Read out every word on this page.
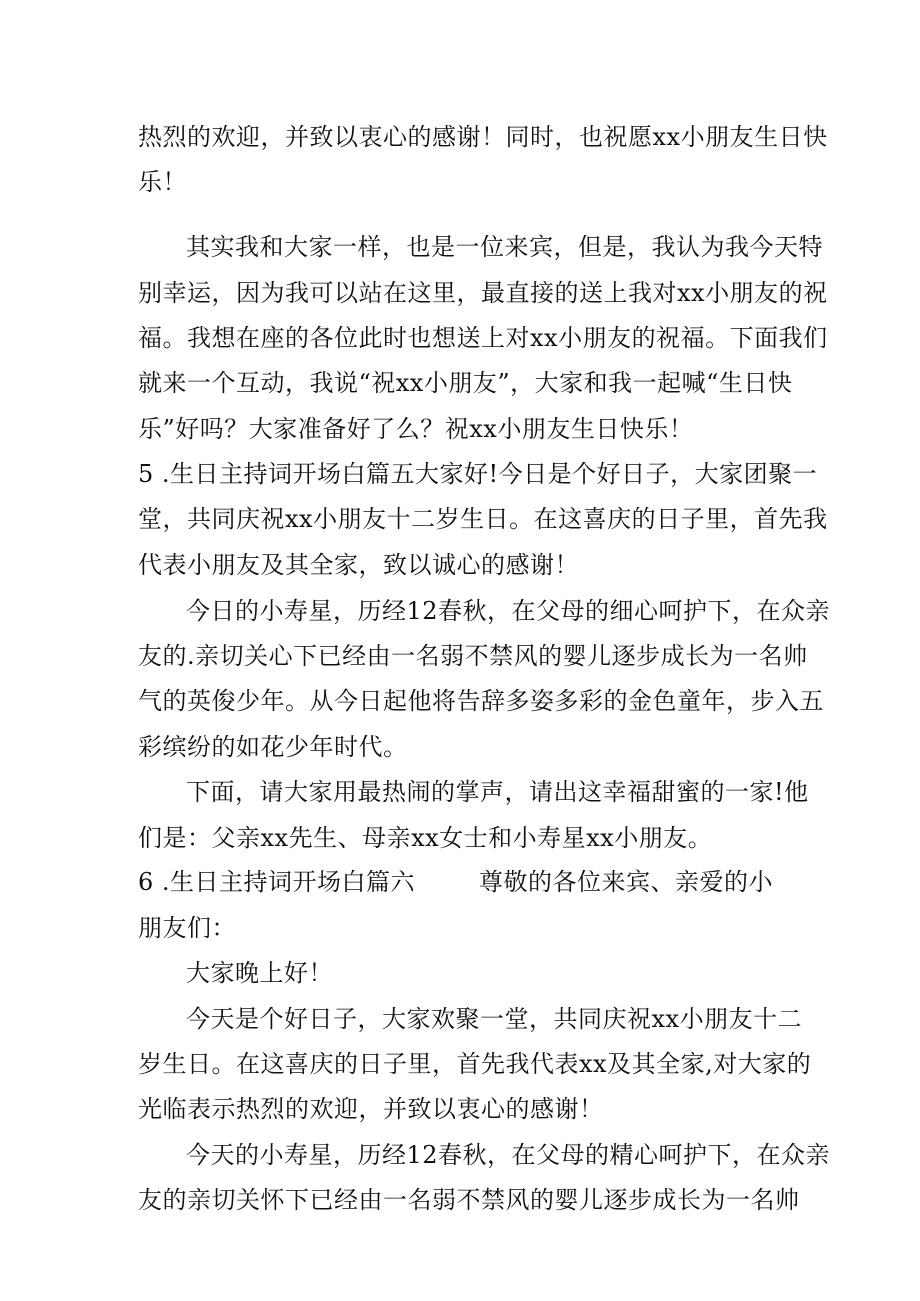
热烈的欢迎，并致以衷心的感谢！同时，也祝愿xx小朋友生日快
乐！
其实我和大家一样，也是一位来宾，但是，我认为我今天特
别幸运，因为我可以站在这里，最直接的送上我对xx小朋友的祝
福。我想在座的各位此时也想送上对xx小朋友的祝福。下面我们
就来一个互动，我说“祝xx小朋友”，大家和我一起喊“生日快
乐”好吗？大家准备好了么？祝xx小朋友生日快乐！
5 .生日主持词开场白篇五大家好!今日是个好日子，大家团聚一
堂，共同庆祝xx小朋友十二岁生日。在这喜庆的日子里，首先我
代表小朋友及其全家，致以诚心的感谢！
今日的小寿星，历经12春秋，在父母的细心呵护下，在众亲
友的.亲切关心下已经由一名弱不禁风的婴儿逐步成长为一名帅
气的英俊少年。从今日起他将告辞多姿多彩的金色童年，步入五
彩缤纷的如花少年时代。
下面，请大家用最热闹的掌声，请出这幸福甜蜜的一家!他
们是：父亲xx先生、母亲xx女士和小寿星xx小朋友。
6 .生日主持词开场白篇六	尊敬的各位来宾、亲爱的小
朋友们：
大家晚上好！
今天是个好日子，大家欢聚一堂，共同庆祝xx小朋友十二
岁生日。在这喜庆的日子里，首先我代表xx及其全家,对大家的
光临表示热烈的欢迎，并致以衷心的感谢！
今天的小寿星，历经12春秋，在父母的精心呵护下，在众亲
友的亲切关怀下已经由一名弱不禁风的婴儿逐步成长为一名帅
